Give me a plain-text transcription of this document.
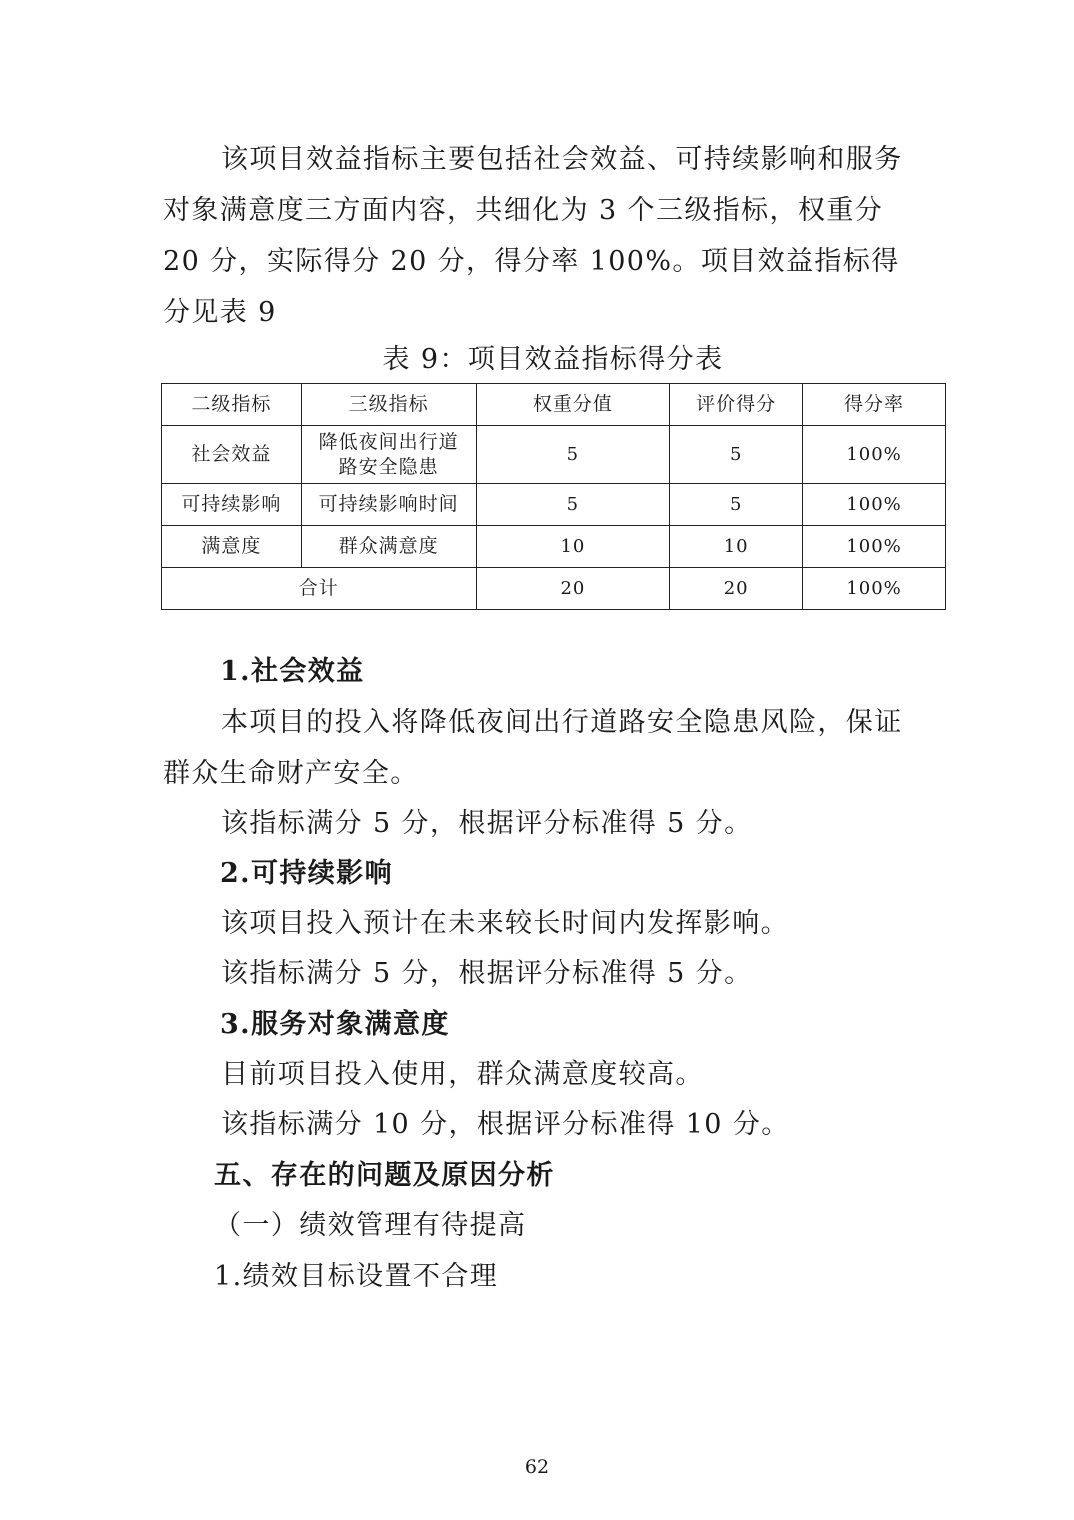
该项目效益指标主要包括社会效益、可持续影响和服务对象满意度三方面内容，共细化为 3 个三级指标，权重分 20 分，实际得分 20 分，得分率 100%。项目效益指标得分见表 9

表 9：项目效益指标得分表
二级指标	三级指标	权重分值	评价得分	得分率
社会效益	降低夜间出行道路安全隐患	5	5	100%
可持续影响	可持续影响时间	5	5	100%
满意度	群众满意度	10	10	100%
合计		20	20	100%
1.社会效益

本项目的投入将降低夜间出行道路安全隐患风险，保证群众生命财产安全。

该指标满分 5 分，根据评分标准得 5 分。
2.可持续影响
该项目投入预计在未来较长时间内发挥影响。
该指标满分 5 分，根据评分标准得 5 分。
3.服务对象满意度
目前项目投入使用，群众满意度较高。
该指标满分 10 分，根据评分标准得 10 分。
五、存在的问题及原因分析
（一）绩效管理有待提高
1.绩效目标设置不合理
62
